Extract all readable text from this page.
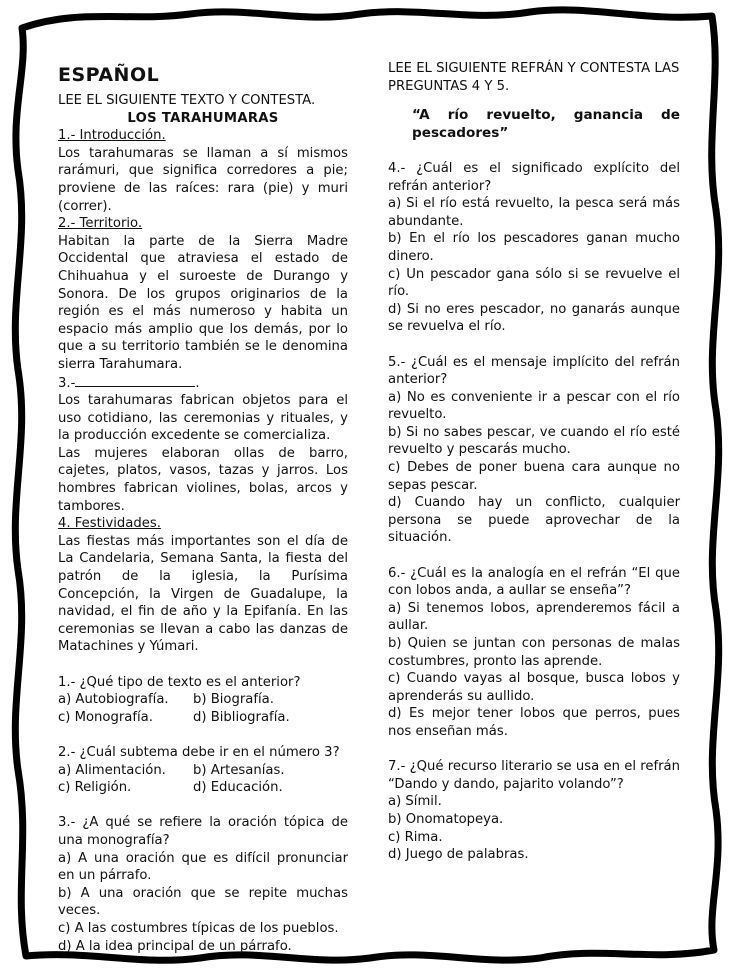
ESPAÑOL

LEE EL SIGUIENTE TEXTO Y CONTESTA.

LOS TARAHUMARAS

1.- Introducción.

Los tarahumaras se llaman a sí mismos rarámuri, que significa corredores a pie; proviene de las raíces: rara (pie) y muri (correr).

2.- Territorio.

Habitan la parte de la Sierra Madre Occidental que atraviesa el estado de Chihuahua y el suroeste de Durango y Sonora. De los grupos originarios de la región es el más numeroso y habita un espacio más amplio que los demás, por lo que a su territorio también se le denomina sierra Tarahumara.

3.-	.

Los tarahumaras fabrican objetos para el uso cotidiano, las ceremonias y rituales, y la producción excedente se comercializa.

Las mujeres elaboran ollas de barro, cajetes, platos, vasos, tazas y jarros. Los hombres fabrican violines, bolas, arcos y tambores.

4. Festividades.

Las fiestas más importantes son el día de La Candelaria, Semana Santa, la fiesta del patrón de la iglesia, la Purísima Concepción, la Virgen de Guadalupe, la navidad, el fin de año y la Epifanía. En las ceremonias se llevan a cabo las danzas de Matachines y Yúmari.

1.- ¿Qué tipo de texto es el anterior?

a) Autobiografía.	b) Biografía.
c) Monografía.	d) Bibliografía.

2.- ¿Cuál subtema debe ir en el número 3?

a) Alimentación.	b) Artesanías.
c) Religión.	d) Educación.

3.- ¿A qué se refiere la oración tópica de una monografía?

a) A una oración que es difícil pronunciar en un párrafo.

b) A una oración que se repite muchas veces.

c) A las costumbres típicas de los pueblos.

d) A la idea principal de un párrafo.

LEE EL SIGUIENTE REFRÁN Y CONTESTA LAS PREGUNTAS 4 Y 5.

“A río revuelto, ganancia de pescadores”

4.- ¿Cuál es el significado explícito del refrán anterior?

a) Si el río está revuelto, la pesca será más abundante.

b) En el río los pescadores ganan mucho dinero.

c) Un pescador gana sólo si se revuelve el río.

d) Si no eres pescador, no ganarás aunque se revuelva el río.

5.- ¿Cuál es el mensaje implícito del refrán anterior?

a) No es conveniente ir a pescar con el río revuelto.

b) Si no sabes pescar, ve cuando el río esté revuelto y pescarás mucho.

c) Debes de poner buena cara aunque no sepas pescar.

d) Cuando hay un conflicto, cualquier persona se puede aprovechar de la situación.

6.- ¿Cuál es la analogía en el refrán “El que con lobos anda, a aullar se enseña”?

a) Si tenemos lobos, aprenderemos fácil a aullar.

b) Quien se juntan con personas de malas costumbres, pronto las aprende.

c) Cuando vayas al bosque, busca lobos y aprenderás su aullido.

d) Es mejor tener lobos que perros, pues nos enseñan más.

7.- ¿Qué recurso literario se usa en el refrán “Dando y dando, pajarito volando”?

a) Símil.

b) Onomatopeya.

c) Rima.

d) Juego de palabras.
